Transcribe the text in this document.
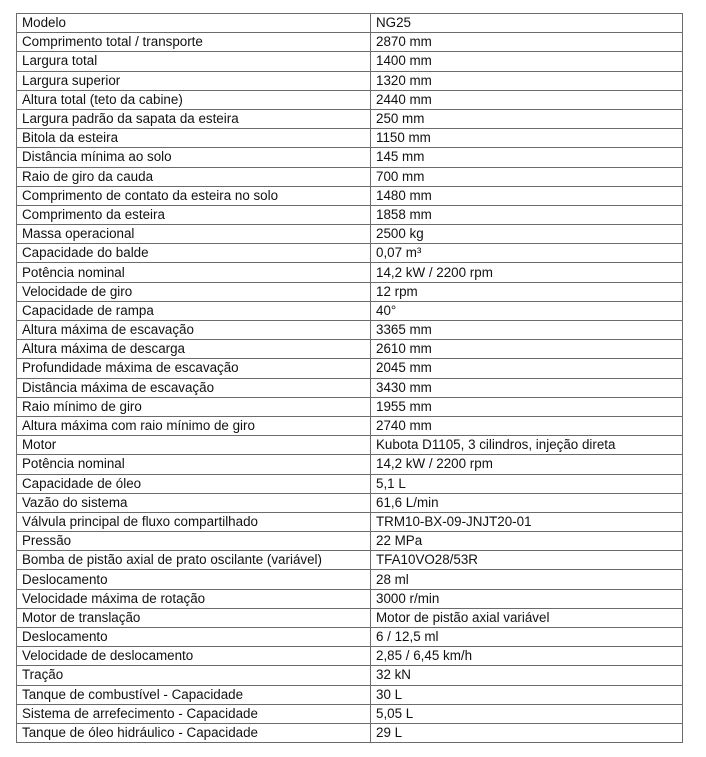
Modelo	NG25
Comprimento total / transporte	2870 mm
Largura total	1400 mm
Largura superior	1320 mm
Altura total (teto da cabine)	2440 mm
Largura padrão da sapata da esteira	250 mm
Bitola da esteira	1150 mm
Distância mínima ao solo	145 mm
Raio de giro da cauda	700 mm
Comprimento de contato da esteira no solo	1480 mm
Comprimento da esteira	1858 mm
Massa operacional	2500 kg
Capacidade do balde	0,07 m³
Potência nominal	14,2 kW / 2200 rpm
Velocidade de giro	12 rpm
Capacidade de rampa	40°
Altura máxima de escavação	3365 mm
Altura máxima de descarga	2610 mm
Profundidade máxima de escavação	2045 mm
Distância máxima de escavação	3430 mm
Raio mínimo de giro	1955 mm
Altura máxima com raio mínimo de giro	2740 mm
Motor	Kubota D1105, 3 cilindros, injeção direta
Potência nominal	14,2 kW / 2200 rpm
Capacidade de óleo	5,1 L
Vazão do sistema	61,6 L/min
Válvula principal de fluxo compartilhado	TRM10-BX-09-JNJT20-01
Pressão	22 MPa
Bomba de pistão axial de prato oscilante (variável)	TFA10VO28/53R
Deslocamento	28 ml
Velocidade máxima de rotação	3000 r/min
Motor de translação	Motor de pistão axial variável
Deslocamento	6 / 12,5 ml
Velocidade de deslocamento	2,85 / 6,45 km/h
Tração	32 kN
Tanque de combustível - Capacidade	30 L
Sistema de arrefecimento - Capacidade	5,05 L
Tanque de óleo hidráulico - Capacidade	29 L
